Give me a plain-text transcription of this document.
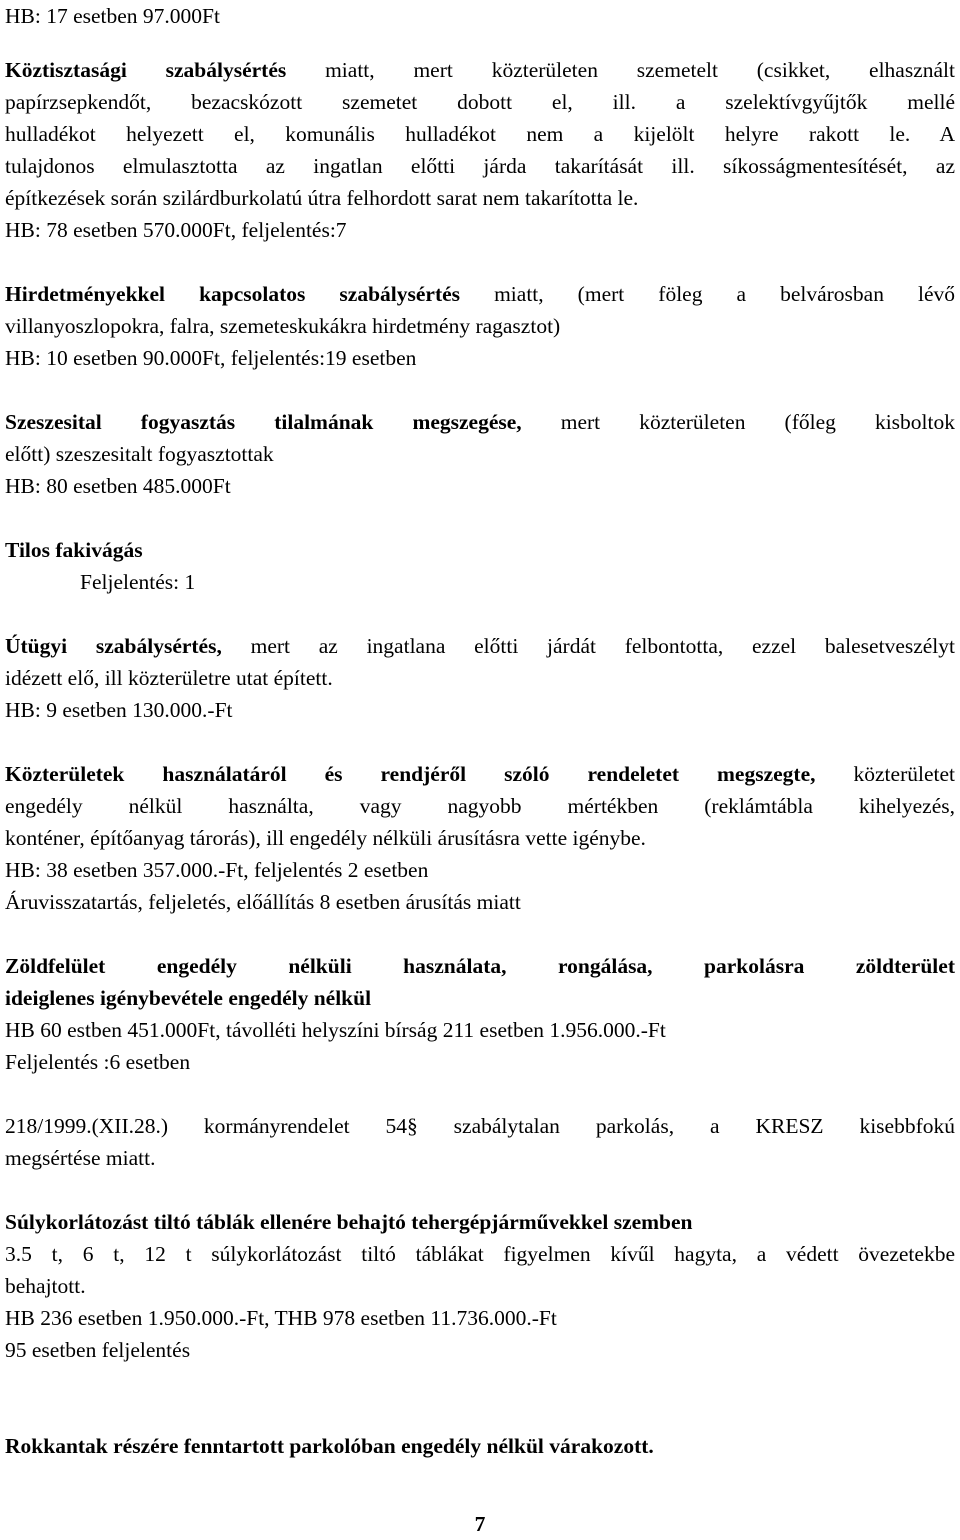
HB: 17 esetben 97.000Ft
Köztisztasági szabálysértés miatt, mert közterületen szemetelt (csikket, elhasznált
papírzsepkendőt, bezacskózott szemetet dobott el, ill. a szelektívgyűjtők mellé
hulladékot helyezett el, komunális hulladékot nem a kijelölt helyre rakott le. A
tulajdonos elmulasztotta az ingatlan előtti járda takarítását ill. síkosságmentesítését, az
építkezések során szilárdburkolatú útra felhordott sarat nem takarította le.
HB: 78 esetben 570.000Ft, feljelentés:7
Hirdetményekkel kapcsolatos szabálysértés miatt, (mert föleg a belvárosban lévő
villanyoszlopokra, falra, szemeteskukákra hirdetmény ragasztot)
HB: 10 esetben 90.000Ft, feljelentés:19 esetben
Szeszesital fogyasztás tilalmának megszegése, mert közterületen (főleg kisboltok
előtt) szeszesitalt fogyasztottak
HB: 80 esetben 485.000Ft
Tilos fakivágás
Feljelentés: 1
Útügyi szabálysértés, mert az ingatlana előtti járdát felbontotta, ezzel balesetveszélyt
idézett elő, ill közterületre utat épített.
HB: 9 esetben 130.000.-Ft
Közterületek használatáról és rendjéről szóló rendeletet megszegte, közterületet
engedély nélkül használta, vagy nagyobb mértékben (reklámtábla kihelyezés,
konténer, építőanyag tárorás), ill engedély nélküli árusításra vette igénybe.
HB: 38 esetben 357.000.-Ft, feljelentés 2 esetben
Áruvisszatartás, feljeletés, előállítás 8 esetben árusítás miatt
Zöldfelület engedély nélküli használata, rongálása, parkolásra zöldterület
ideiglenes igénybevétele engedély nélkül
HB 60 estben 451.000Ft, távolléti helyszíni bírság 211 esetben 1.956.000.-Ft
Feljelentés :6 esetben
218/1999.(XII.28.) kormányrendelet 54§ szabálytalan parkolás, a KRESZ kisebbfokú
megsértése miatt.
Súlykorlátozást tiltó táblák ellenére behajtó tehergépjárművekkel szemben
3.5 t, 6 t, 12 t súlykorlátozást tiltó táblákat figyelmen kívűl hagyta, a védett övezetekbe
behajtott.
HB 236 esetben 1.950.000.-Ft, THB 978 esetben 11.736.000.-Ft
95 esetben feljelentés
Rokkantak részére fenntartott parkolóban engedély nélkül várakozott.
7
